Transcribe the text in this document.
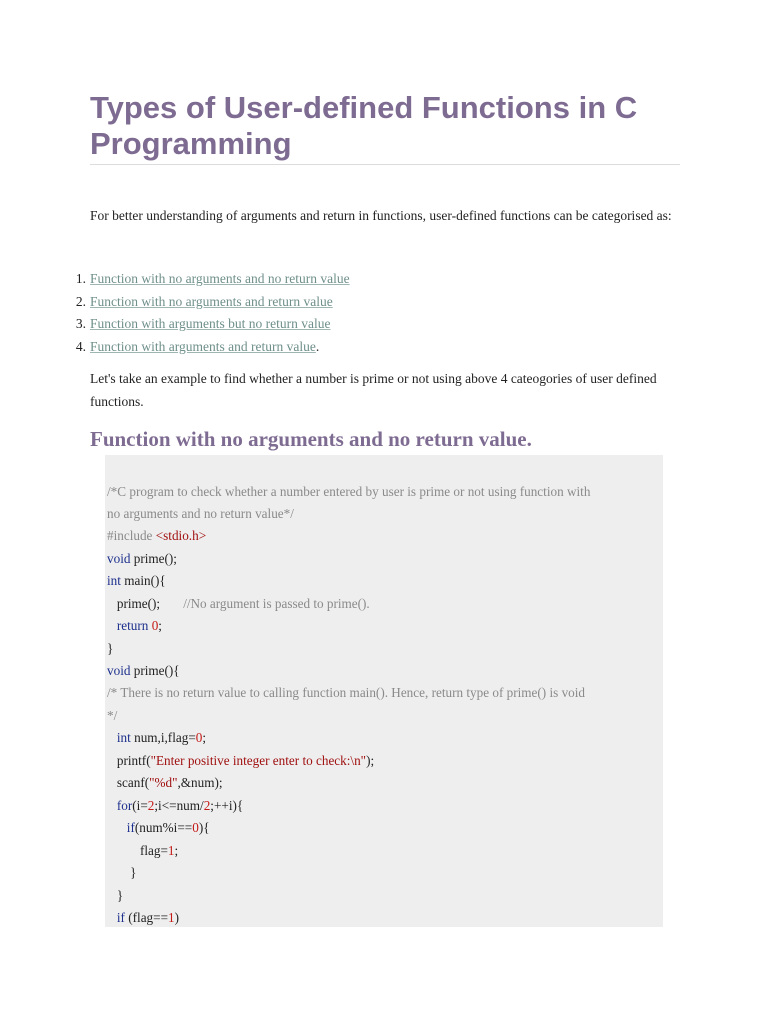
Types of User-defined Functions in C Programming

For better understanding of arguments and return in functions, user-defined functions can be categorised as:

1. Function with no arguments and no return value
2. Function with no arguments and return value
3. Function with arguments but no return value
4. Function with arguments and return value.

Let's take an example to find whether a number is prime or not using above 4 cateogories of user defined functions.

Function with no arguments and no return value.
/*C program to check whether a number entered by user is prime or not using function with
no arguments and no return value*/
#include <stdio.h>
void prime();
int main(){
prime();       //No argument is passed to prime().
return 0;
}
void prime(){
/* There is no return value to calling function main(). Hence, return type of prime() is void
*/
int num,i,flag=0;
printf("Enter positive integer enter to check:\n");
scanf("%d",&num);
for(i=2;i<=num/2;++i){
if(num%i==0){
flag=1;
}
}
if (flag==1)
